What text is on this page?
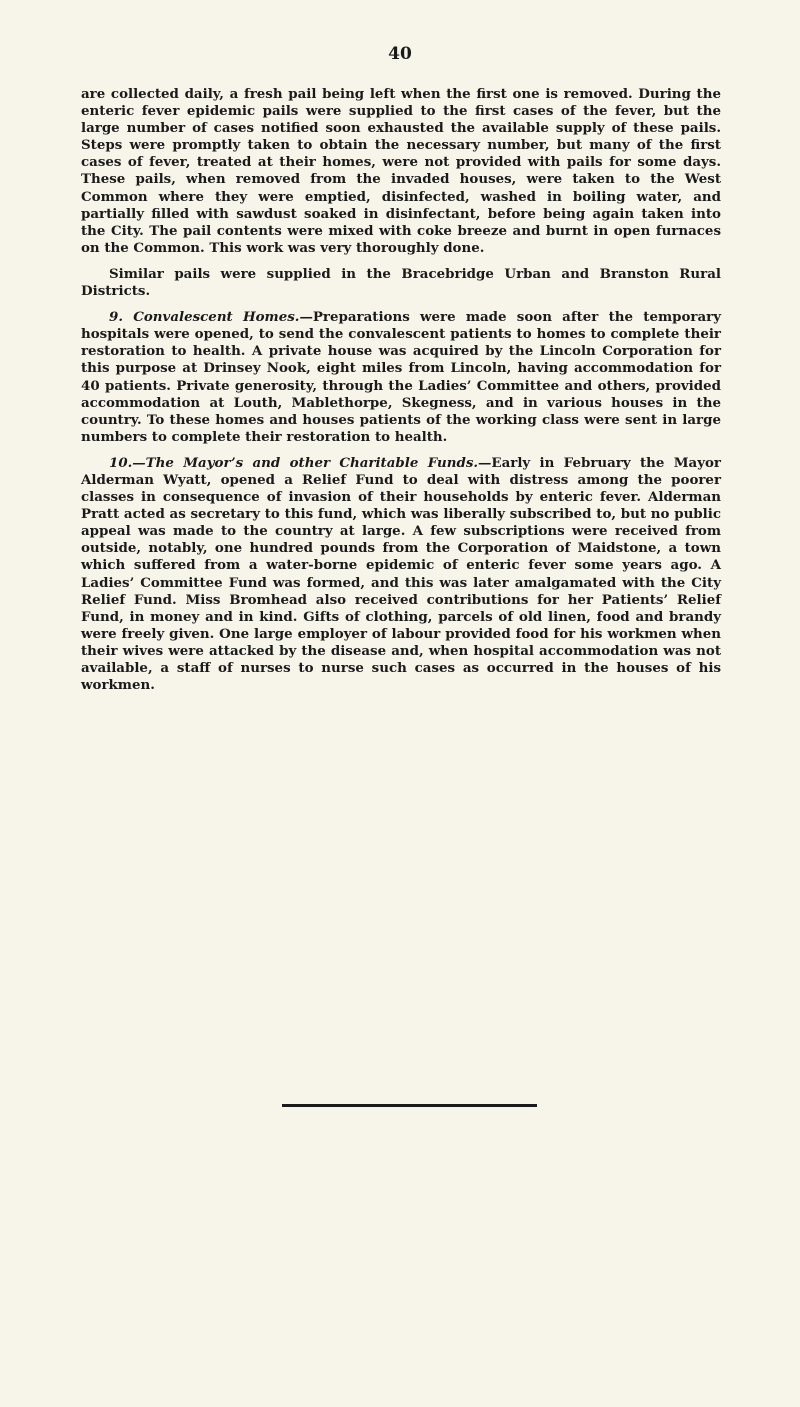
40

are collected daily, a fresh pail being left when the first one is removed. During the enteric fever epidemic pails were supplied to the first cases of the fever, but the large number of cases notified soon exhausted the available supply of these pails. Steps were promptly taken to obtain the necessary number, but many of the first cases of fever, treated at their homes, were not provided with pails for some days. These pails, when removed from the invaded houses, were taken to the West Common where they were emptied, disinfected, washed in boiling water, and partially filled with sawdust soaked in disinfectant, before being again taken into the City. The pail contents were mixed with coke breeze and burnt in open furnaces on the Common. This work was very thoroughly done.

Similar pails were supplied in the Bracebridge Urban and Branston Rural Districts.

9. Convalescent Homes.—Preparations were made soon after the temporary hospitals were opened, to send the convalescent patients to homes to complete their restoration to health. A private house was acquired by the Lincoln Corporation for this purpose at Drinsey Nook, eight miles from Lincoln, having accommodation for 40 patients. Private generosity, through the Ladies’ Committee and others, provided accommodation at Louth, Mablethorpe, Skegness, and in various houses in the country. To these homes and houses patients of the working class were sent in large numbers to complete their restoration to health.

10.—The Mayor’s and other Charitable Funds.—Early in February the Mayor Alderman Wyatt, opened a Relief Fund to deal with distress among the poorer classes in consequence of invasion of their households by enteric fever. Alderman Pratt acted as secretary to this fund, which was liberally subscribed to, but no public appeal was made to the country at large. A few subscriptions were received from outside, notably, one hundred pounds from the Corporation of Maidstone, a town which suffered from a water-borne epidemic of enteric fever some years ago. A Ladies’ Committee Fund was formed, and this was later amalgamated with the City Relief Fund. Miss Bromhead also received contributions for her Patients’ Relief Fund, in money and in kind. Gifts of clothing, parcels of old linen, food and brandy were freely given. One large employer of labour provided food for his workmen when their wives were attacked by the disease and, when hospital accommodation was not available, a staff of nurses to nurse such cases as occurred in the houses of his workmen.
